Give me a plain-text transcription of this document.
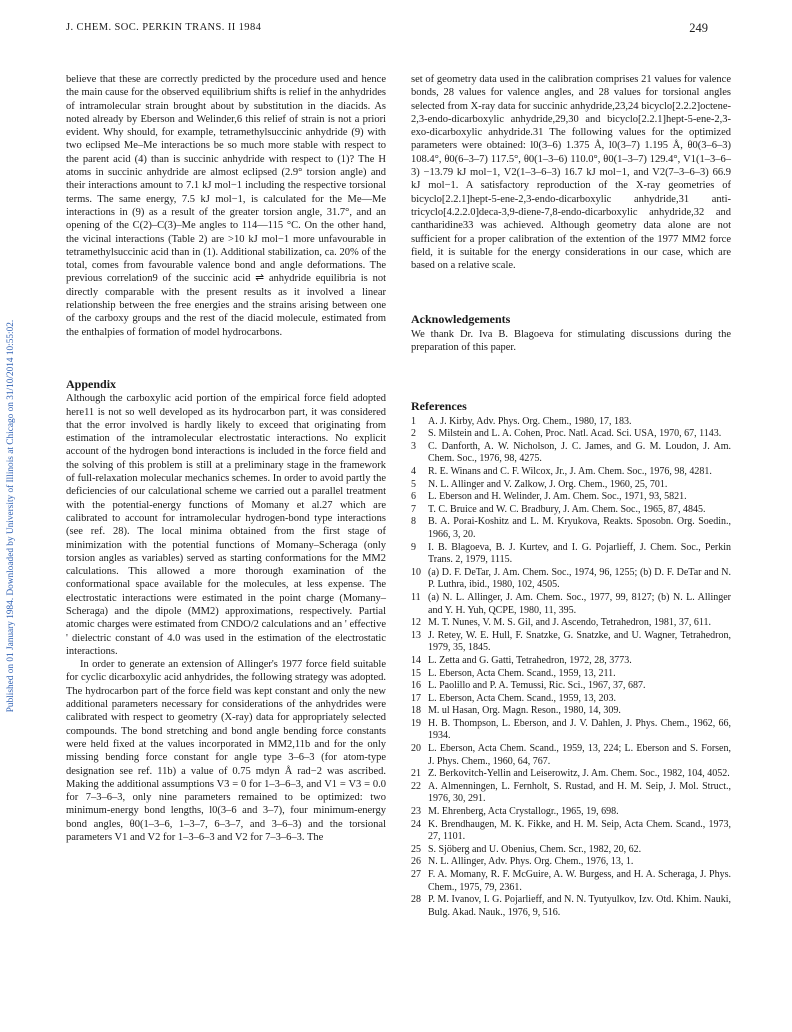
J. CHEM. SOC. PERKIN TRANS. II 1984	249
Published on 01 January 1984. Downloaded by University of Illinois at Chicago on 31/10/2014 10:55:02.

believe that these are correctly predicted by the procedure used and hence the main cause for the observed equilibrium shifts is relief in the anhydrides of intramolecular strain brought about by substitution in the diacids. As noted already by Eberson and Welinder,6 this relief of strain is not a priori evident. Why should, for example, tetramethylsuccinic anhydride (9) with two eclipsed Me–Me interactions be so much more stable with respect to the parent acid (4) than is succinic anhydride with respect to (1)? The H atoms in succinic anhydride are almost eclipsed (2.9° torsion angle) and their interactions amount to 7.1 kJ mol−1 including the respective torsional terms. The same energy, 7.5 kJ mol−1, is calculated for the Me—Me interactions in (9) as a result of the greater torsion angle, 31.7°, and an opening of the C(2)–C(3)–Me angles to 114—115 °C. On the other hand, the vicinal interactions (Table 2) are >10 kJ mol−1 more unfavourable in tetramethylsuccinic acid than in (1). Additional stabilization, ca. 20% of the total, comes from favourable valence bond and angle deformations. The previous correlation9 of the succinic acid ⇌ anhydride equilibria is not directly comparable with the present results as it involved a linear relationship between the free energies and the strains arising between one of the carboxy groups and the rest of the diacid molecule, estimated from the enthalpies of formation of model hydrocarbons.

Appendix

Although the carboxylic acid portion of the empirical force field adopted here11 is not so well developed as its hydrocarbon part, it was considered that the error involved is hardly likely to exceed that originating from estimation of the intramolecular electrostatic interactions. No explicit account of the hydrogen bond interactions is included in the force field and the solving of this problem is still at a preliminary stage in the framework of full-relaxation molecular mechanics schemes. In order to avoid partly the deficiencies of our calculational scheme we carried out a parallel treatment with the potential-energy functions of Momany et al.27 which are calibrated to account for intramolecular hydrogen-bond type interactions (see ref. 28). The local minima obtained from the first stage of minimization with the potential functions of Momany–Scheraga (only torsion angles as variables) served as starting conformations for the MM2 calculations. This allowed a more thorough examination of the conformational space available for the molecules, at less expense. The electrostatic interactions were estimated in the point charge (Momany–Scheraga) and the dipole (MM2) approximations, respectively. Partial atomic charges were estimated from CNDO/2 calculations and an ' effective ' dielectric constant of 4.0 was used in the estimation of the electrostatic interactions.

In order to generate an extension of Allinger's 1977 force field suitable for cyclic dicarboxylic acid anhydrides, the following strategy was adopted. The hydrocarbon part of the force field was kept constant and only the new additional parameters necessary for considerations of the anhydrides were calibrated with respect to geometry (X-ray) data for appropriately selected compounds. The bond stretching and bond angle bending force constants were held fixed at the values incorporated in MM2,11b and for the only missing bending force constant for angle type 3–6–3 (for atom-type designation see ref. 11b) a value of 0.75 mdyn Å rad−2 was ascribed. Making the additional assumptions V3 = 0 for 1–3–6–3, and V1 = V3 = 0.0 for 7–3–6–3, only nine parameters remained to be optimized: two minimum-energy bond lengths, l0(3–6 and 3–7), four minimum-energy bond angles, θ0(1–3–6, 1–3–7, 6–3–7, and 3–6–3) and the torsional parameters V1 and V2 for 1–3–6–3 and V2 for 7–3–6–3. The

set of geometry data used in the calibration comprises 21 values for valence bonds, 28 values for valence angles, and 28 values for torsional angles selected from X-ray data for succinic anhydride,23,24 bicyclo[2.2.2]octene-2,3-endo-dicarboxylic anhydride,29,30 and bicyclo[2.2.1]hept-5-ene-2,3-exo-dicarboxylic anhydride.31 The following values for the optimized parameters were obtained: l0(3–6) 1.375 Å, l0(3–7) 1.195 Å, θ0(3–6–3) 108.4°, θ0(6–3–7) 117.5°, θ0(1–3–6) 110.0°, θ0(1–3–7) 129.4°, V1(1–3–6–3) −13.79 kJ mol−1, V2(1–3–6–3) 16.7 kJ mol−1, and V2(7–3–6–3) 66.9 kJ mol−1. A satisfactory reproduction of the X-ray geometries of bicyclo[2.2.1]hept-5-ene-2,3-endo-dicarboxylic anhydride,31 anti-tricyclo[4.2.2.0]deca-3,9-diene-7,8-endo-dicarboxylic anhydride,32 and cantharidine33 was achieved. Although geometry data alone are not sufficient for a proper calibration of the extention of the 1977 MM2 force field, it is suitable for the energy considerations in our case, which are based on a relative scale.

Acknowledgements

We thank Dr. Iva B. Blagoeva for stimulating discussions during the preparation of this paper.

References
1 A. J. Kirby, Adv. Phys. Org. Chem., 1980, 17, 183.
2 S. Milstein and L. A. Cohen, Proc. Natl. Acad. Sci. USA, 1970, 67, 1143.
3 C. Danforth, A. W. Nicholson, J. C. James, and G. M. Loudon, J. Am. Chem. Soc., 1976, 98, 4275.
4 R. E. Winans and C. F. Wilcox, Jr., J. Am. Chem. Soc., 1976, 98, 4281.
5 N. L. Allinger and V. Zalkow, J. Org. Chem., 1960, 25, 701.
6 L. Eberson and H. Welinder, J. Am. Chem. Soc., 1971, 93, 5821.
7 T. C. Bruice and W. C. Bradbury, J. Am. Chem. Soc., 1965, 87, 4845.
8 B. A. Porai-Koshitz and L. M. Kryukova, Reakts. Sposobn. Org. Soedin., 1966, 3, 20.
9 I. B. Blagoeva, B. J. Kurtev, and I. G. Pojarlieff, J. Chem. Soc., Perkin Trans. 2, 1979, 1115.
10 (a) D. F. DeTar, J. Am. Chem. Soc., 1974, 96, 1255; (b) D. F. DeTar and N. P. Luthra, ibid., 1980, 102, 4505.
11 (a) N. L. Allinger, J. Am. Chem. Soc., 1977, 99, 8127; (b) N. L. Allinger and Y. H. Yuh, QCPE, 1980, 11, 395.
12 M. T. Nunes, V. M. S. Gil, and J. Ascendo, Tetrahedron, 1981, 37, 611.
13 J. Retey, W. E. Hull, F. Snatzke, G. Snatzke, and U. Wagner, Tetrahedron, 1979, 35, 1845.
14 L. Zetta and G. Gatti, Tetrahedron, 1972, 28, 3773.
15 L. Eberson, Acta Chem. Scand., 1959, 13, 211.
16 L. Paolillo and P. A. Temussi, Ric. Sci., 1967, 37, 687.
17 L. Eberson, Acta Chem. Scand., 1959, 13, 203.
18 M. ul Hasan, Org. Magn. Reson., 1980, 14, 309.
19 H. B. Thompson, L. Eberson, and J. V. Dahlen, J. Phys. Chem., 1962, 66, 1934.
20 L. Eberson, Acta Chem. Scand., 1959, 13, 224; L. Eberson and S. Forsen, J. Phys. Chem., 1960, 64, 767.
21 Z. Berkovitch-Yellin and Leiserowitz, J. Am. Chem. Soc., 1982, 104, 4052.
22 A. Almenningen, L. Fernholt, S. Rustad, and H. M. Seip, J. Mol. Struct., 1976, 30, 291.
23 M. Ehrenberg, Acta Crystallogr., 1965, 19, 698.
24 K. Brendhaugen, M. K. Fikke, and H. M. Seip, Acta Chem. Scand., 1973, 27, 1101.
25 S. Sjöberg and U. Obenius, Chem. Scr., 1982, 20, 62.
26 N. L. Allinger, Adv. Phys. Org. Chem., 1976, 13, 1.
27 F. A. Momany, R. F. McGuire, A. W. Burgess, and H. A. Scheraga, J. Phys. Chem., 1975, 79, 2361.
28 P. M. Ivanov, I. G. Pojarlieff, and N. N. Tyutyulkov, Izv. Otd. Khim. Nauki, Bulg. Akad. Nauk., 1976, 9, 516.
